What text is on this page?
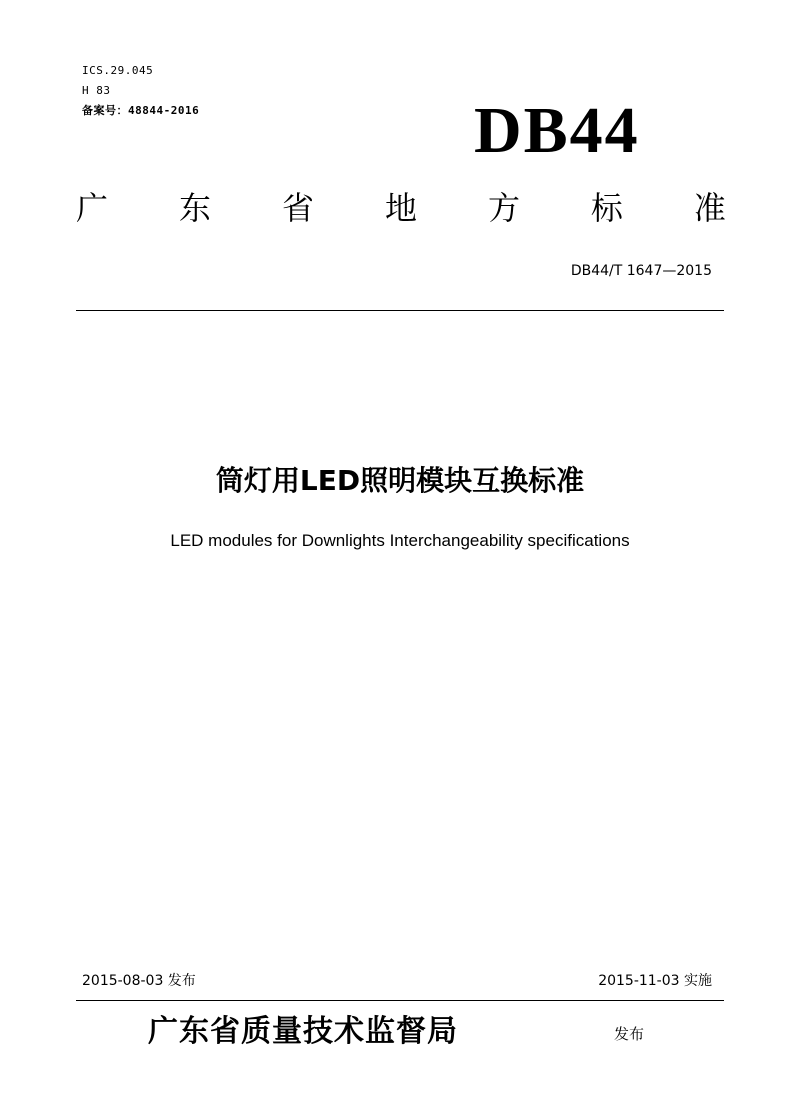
ICS.29.045
H 83
备案号：48844-2016	DB44
广 东 省 地 方 标 准
DB44/T 1647—2015
筒灯用LED照明模块互换标准
LED modules for Downlights Interchangeability specifications
2015-08-03 发布	2015-11-03 实施
广东省质量技术监督局	发布
